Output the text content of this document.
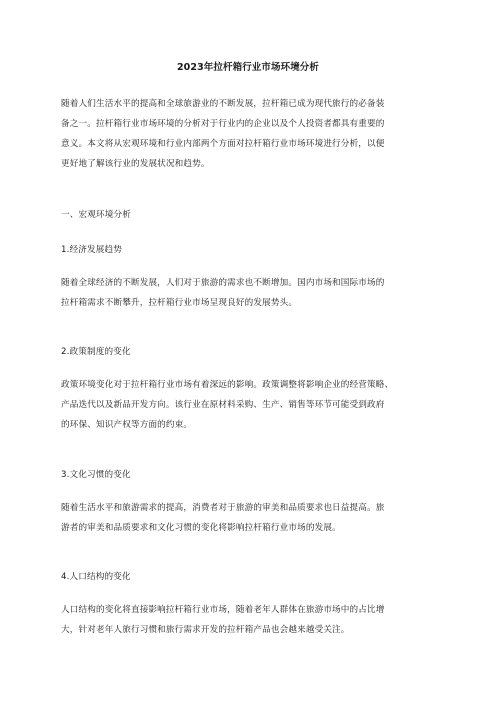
2023年拉杆箱行业市场环境分析

随着人们生活水平的提高和全球旅游业的不断发展，拉杆箱已成为现代旅行的必备装
备之一。拉杆箱行业市场环境的分析对于行业内的企业以及个人投资者都具有重要的
意义。本文将从宏观环境和行业内部两个方面对拉杆箱行业市场环境进行分析，以便
更好地了解该行业的发展状况和趋势。

一、宏观环境分析
1.经济发展趋势

随着全球经济的不断发展，人们对于旅游的需求也不断增加。国内市场和国际市场的
拉杆箱需求不断攀升，拉杆箱行业市场呈现良好的发展势头。

2.政策制度的变化

政策环境变化对于拉杆箱行业市场有着深远的影响。政策调整将影响企业的经营策略、
产品迭代以及新品开发方向。该行业在原材料采购、生产、销售等环节可能受到政府
的环保、知识产权等方面的约束。

3.文化习惯的变化

随着生活水平和旅游需求的提高，消费者对于旅游的审美和品质要求也日益提高。旅
游者的审美和品质要求和文化习惯的变化将影响拉杆箱行业市场的发展。

4.人口结构的变化

人口结构的变化将直接影响拉杆箱行业市场，随着老年人群体在旅游市场中的占比增
大，针对老年人旅行习惯和旅行需求开发的拉杆箱产品也会越来越受关注。
